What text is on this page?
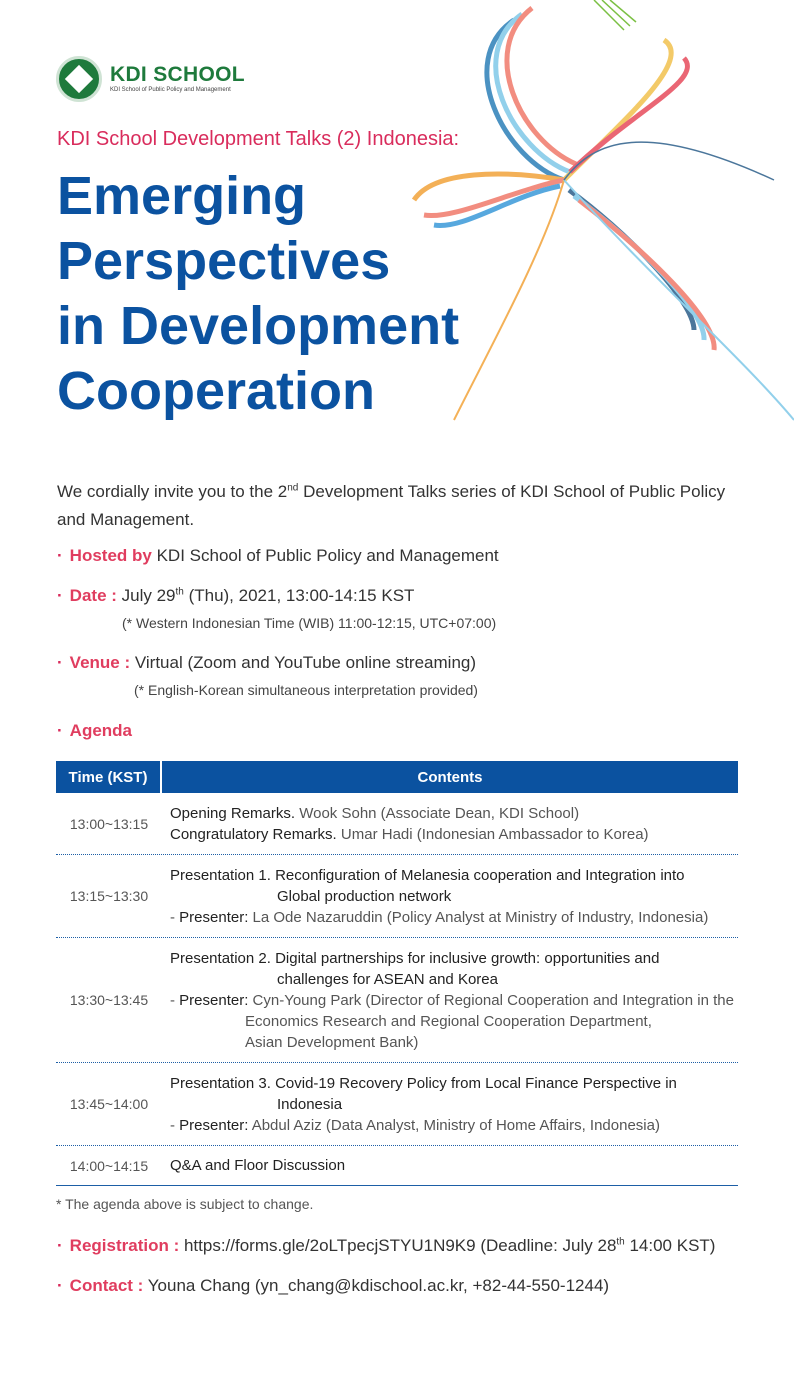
KDI SCHOOL
KDI School of Public Policy and Management
KDI School Development Talks (2) Indonesia:
Emerging
Perspectives
in Development
Cooperation
We cordially invite you to the 2nd Development Talks series of KDI School of Public Policy and Management.
· Hosted by KDI School of Public Policy and Management
· Date : July 29th (Thu), 2021, 13:00-14:15 KST
(* Western Indonesian Time (WIB) 11:00-12:15, UTC+07:00)
· Venue : Virtual (Zoom and YouTube online streaming)
(* English-Korean simultaneous interpretation provided)
· Agenda
Time (KST)	Contents
13:00~13:15
Opening Remarks. Wook Sohn (Associate Dean, KDI School)
Congratulatory Remarks. Umar Hadi (Indonesian Ambassador to Korea)
13:15~13:30
Presentation 1. Reconfiguration of Melanesia cooperation and Integration into
Global production network
- Presenter: La Ode Nazaruddin (Policy Analyst at Ministry of Industry, Indonesia)
13:30~13:45
Presentation 2. Digital partnerships for inclusive growth: opportunities and
challenges for ASEAN and Korea
- Presenter: Cyn-Young Park (Director of Regional Cooperation and Integration in the
Economics Research and Regional Cooperation Department,
Asian Development Bank)
13:45~14:00
Presentation 3. Covid-19 Recovery Policy from Local Finance Perspective in
Indonesia
- Presenter: Abdul Aziz (Data Analyst, Ministry of Home Affairs, Indonesia)
14:00~14:15	Q&A and Floor Discussion
* The agenda above is subject to change.
· Registration : https://forms.gle/2oLTpecjSTYU1N9K9 (Deadline: July 28th 14:00 KST)
· Contact : Youna Chang (yn_chang@kdischool.ac.kr, +82-44-550-1244)
